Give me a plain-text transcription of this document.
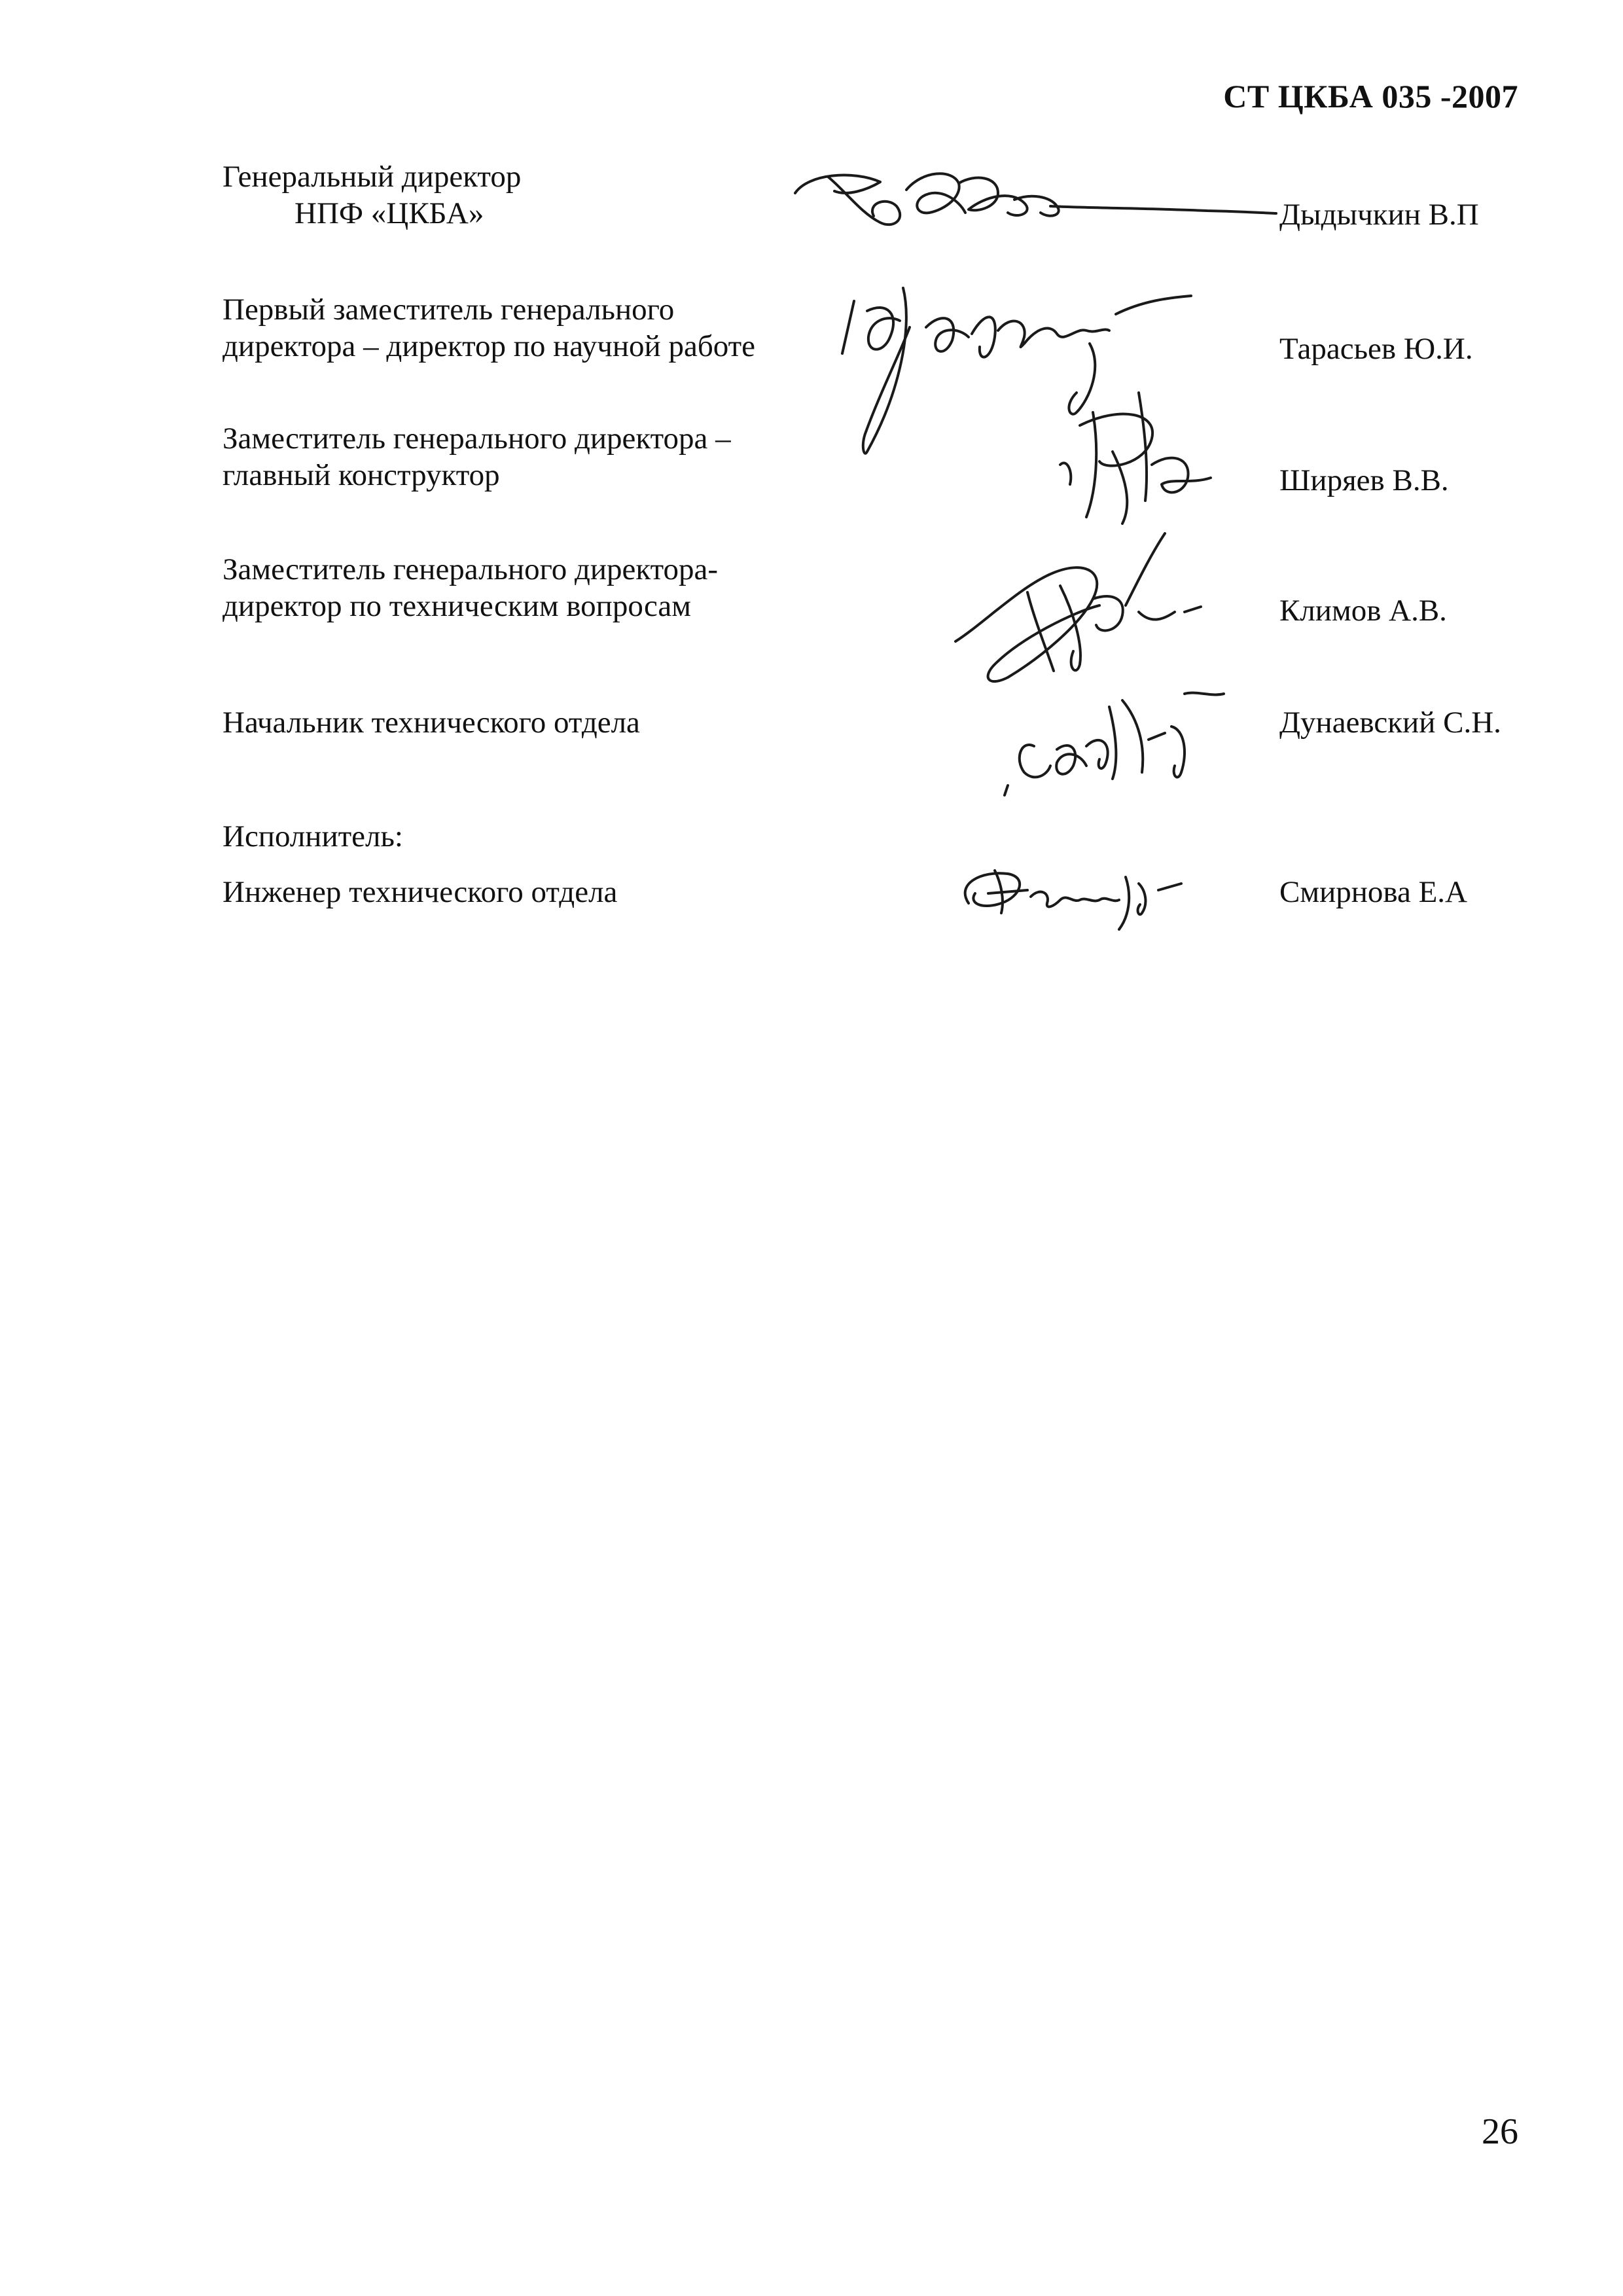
СТ ЦКБА 035 -2007
Генеральный директор
НПФ «ЦКБА»	Дыдычкин В.П
Первый заместитель генерального
директора – директор по научной работе	Тарасьев Ю.И.
Заместитель генерального директора –
главный конструктор	Ширяев В.В.
Заместитель генерального директора-
директор по техническим вопросам	Климов А.В.
Начальник технического отдела	Дунаевский С.Н.
Исполнитель:
Инженер технического отдела	Смирнова Е.А
26
